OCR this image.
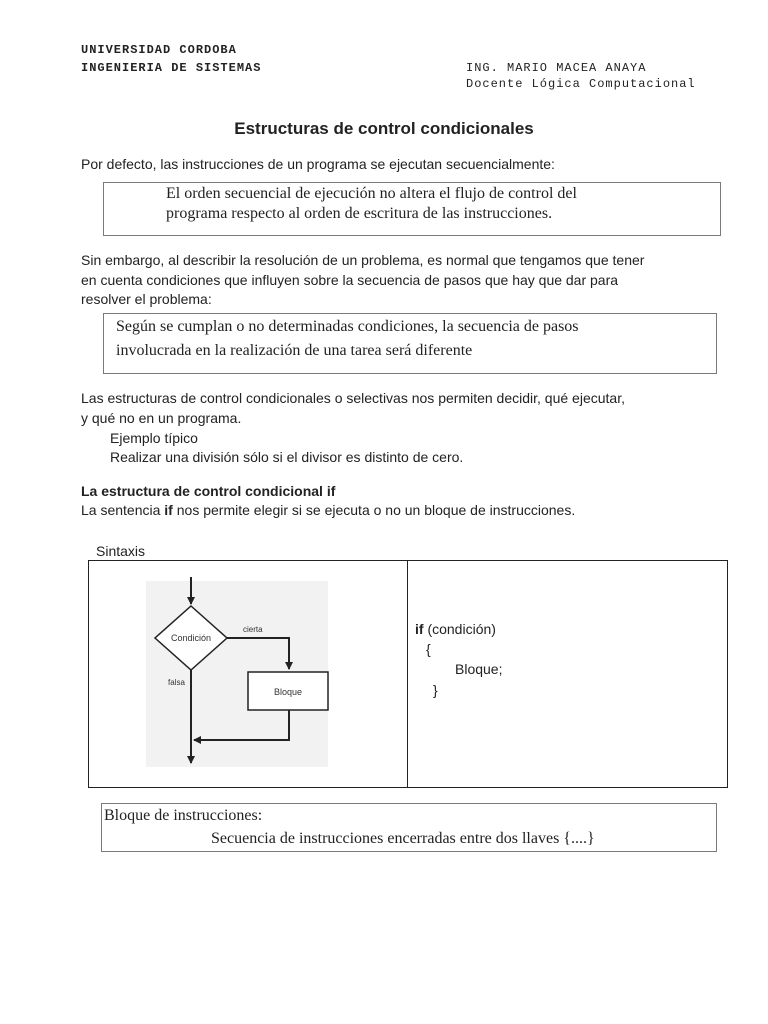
UNIVERSIDAD CORDOBA
INGENIERIA DE SISTEMAS	ING. MARIO MACEA ANAYA
Docente Lógica Computacional
Estructuras de control condicionales
Por defecto, las instrucciones de un programa se ejecutan secuencialmente:
El orden secuencial de ejecución no altera el flujo de control del
programa respecto al orden de escritura de las instrucciones.
Sin embargo, al describir la resolución de un problema, es normal que tengamos que tener
en cuenta condiciones que influyen sobre la secuencia de pasos que hay que dar para
resolver el problema:
Según se cumplan o no determinadas condiciones, la secuencia de pasos
involucrada en la realización de una tarea será diferente
Las estructuras de control condicionales o selectivas nos permiten decidir, qué ejecutar,
y qué no en un programa.
Ejemplo típico
Realizar una división sólo si el divisor es distinto de cero.
La estructura de control condicional if
La sentencia if nos permite elegir si se ejecuta o no un bloque de instrucciones.
Sintaxis
Condición
cierta
Bloque
falsa
if (condición)
{
Bloque;
}
Bloque de instrucciones:
Secuencia de instrucciones encerradas entre dos llaves {....}
